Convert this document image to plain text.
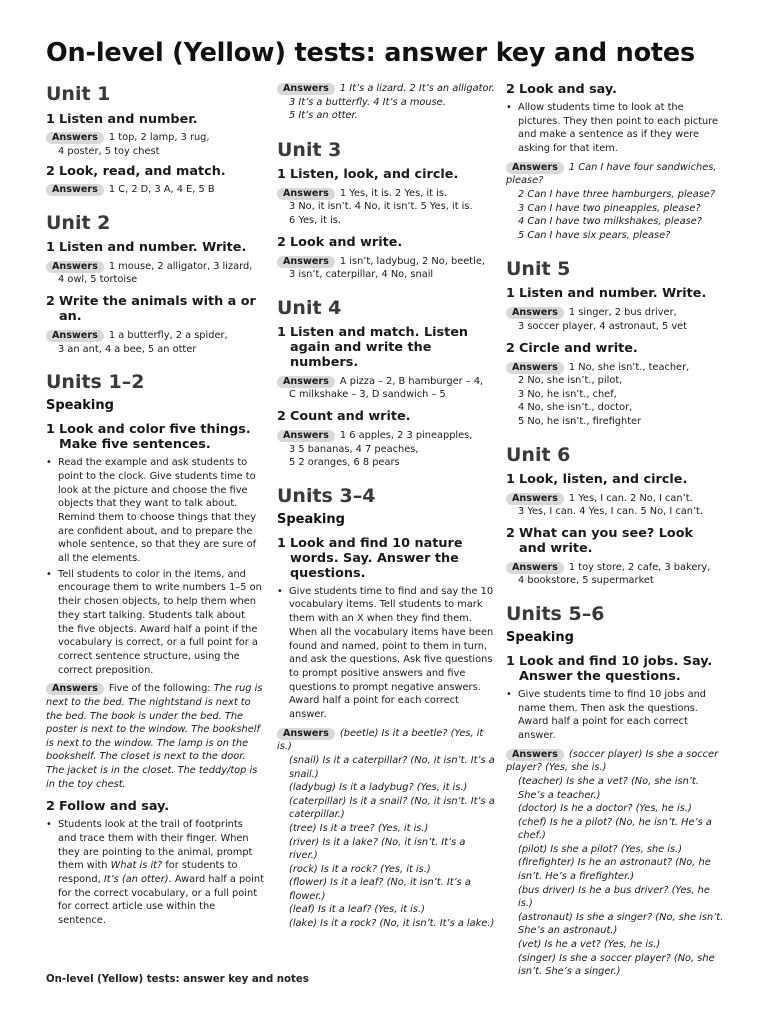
On-level (Yellow) tests: answer key and notes
Unit 1
1 Listen and number.
Answers 1 top, 2 lamp, 3 rug,
4 poster, 5 toy chest
2 Look, read, and match.
Answers 1 C, 2 D, 3 A, 4 E, 5 B
Unit 2
1 Listen and number. Write.
Answers 1 mouse, 2 alligator, 3 lizard,
4 owl, 5 tortoise
2 Write the animals with a or an.
Answers 1 a butterfly, 2 a spider,
3 an ant, 4 a bee, 5 an otter
Units 1–2
Speaking
1 Look and color five things. Make five sentences.
• Read the example and ask students to point to the clock. Give students time to look at the picture and choose the five objects that they want to talk about. Remind them to choose things that they are confident about, and to prepare the whole sentence, so that they are sure of all the elements.
• Tell students to color in the items, and encourage them to write numbers 1–5 on their chosen objects, to help them when they start talking. Students talk about the five objects. Award half a point if the vocabulary is correct, or a full point for a correct sentence structure, using the correct preposition.
Answers Five of the following: The rug is next to the bed. The nightstand is next to the bed. The book is under the bed. The poster is next to the window. The bookshelf is next to the window. The lamp is on the bookshelf. The closet is next to the door. The jacket is in the closet. The teddy/top is in the toy chest.
2 Follow and say.
• Students look at the trail of footprints and trace them with their finger. When they are pointing to the animal, prompt them with What is it? for students to respond, It’s (an otter). Award half a point for the correct vocabulary, or a full point for correct article use within the sentence.
Answers 1 It’s a lizard. 2 It’s an alligator.
3 It’s a butterfly. 4 It’s a mouse.
5 It’s an otter.
Unit 3
1 Listen, look, and circle.
Answers 1 Yes, it is. 2 Yes, it is.
3 No, it isn’t. 4 No, it isn’t. 5 Yes, it is.
6 Yes, it is.
2 Look and write.
Answers 1 isn’t, ladybug, 2 No, beetle,
3 isn’t, caterpillar, 4 No, snail
Unit 4
1 Listen and match. Listen again and write the numbers.
Answers A pizza – 2, B hamburger – 4,
C milkshake – 3, D sandwich – 5
2 Count and write.
Answers 1 6 apples, 2 3 pineapples,
3 5 bananas, 4 7 peaches,
5 2 oranges, 6 8 pears
Units 3–4
Speaking
1 Look and find 10 nature words. Say. Answer the questions.
• Give students time to find and say the 10 vocabulary items. Tell students to mark them with an X when they find them. When all the vocabulary items have been found and named, point to them in turn, and ask the questions. Ask five questions to prompt positive answers and five questions to prompt negative answers. Award half a point for each correct answer.
Answers (beetle) Is it a beetle? (Yes, it is.)
(snail) Is it a caterpillar? (No, it isn’t. It’s a snail.)
(ladybug) Is it a ladybug? (Yes, it is.)
(caterpillar) Is it a snail? (No, it isn’t. It’s a caterpillar.)
(tree) Is it a tree? (Yes, it is.)
(river) Is it a lake? (No, it isn’t. It’s a river.)
(rock) Is it a rock? (Yes, it is.)
(flower) Is it a leaf? (No, it isn’t. It’s a flower.)
(leaf) Is it a leaf? (Yes, it is.)
(lake) Is it a rock? (No, it isn’t. It’s a lake.)
2 Look and say.
• Allow students time to look at the pictures. They then point to each picture and make a sentence as if they were asking for that item.
Answers 1 Can I have four sandwiches, please?
2 Can I have three hamburgers, please?
3 Can I have two pineapples, please?
4 Can I have two milkshakes, please?
5 Can I have six pears, please?
Unit 5
1 Listen and number. Write.
Answers 1 singer, 2 bus driver,
3 soccer player, 4 astronaut, 5 vet
2 Circle and write.
Answers 1 No, she isn’t., teacher,
2 No, she isn’t., pilot,
3 No, he isn’t., chef,
4 No, she isn’t., doctor,
5 No, he isn’t., firefighter
Unit 6
1 Look, listen, and circle.
Answers 1 Yes, I can. 2 No, I can’t.
3 Yes, I can. 4 Yes, I can. 5 No, I can’t.
2 What can you see? Look and write.
Answers 1 toy store, 2 cafe, 3 bakery,
4 bookstore, 5 supermarket
Units 5–6
Speaking
1 Look and find 10 jobs. Say. Answer the questions.
• Give students time to find 10 jobs and name them. Then ask the questions. Award half a point for each correct answer.
Answers (soccer player) Is she a soccer player? (Yes, she is.)
(teacher) Is she a vet? (No, she isn’t. She’s a teacher.)
(doctor) Is he a doctor? (Yes, he is.)
(chef) Is he a pilot? (No, he isn’t. He’s a chef.)
(pilot) Is she a pilot? (Yes, she is.)
(firefighter) Is he an astronaut? (No, he isn’t. He’s a firefighter.)
(bus driver) Is he a bus driver? (Yes, he is.)
(astronaut) Is she a singer? (No, she isn’t. She’s an astronaut.)
(vet) Is he a vet? (Yes, he is.)
(singer) Is she a soccer player? (No, she isn’t. She’s a singer.)
On-level (Yellow) tests: answer key and notes
